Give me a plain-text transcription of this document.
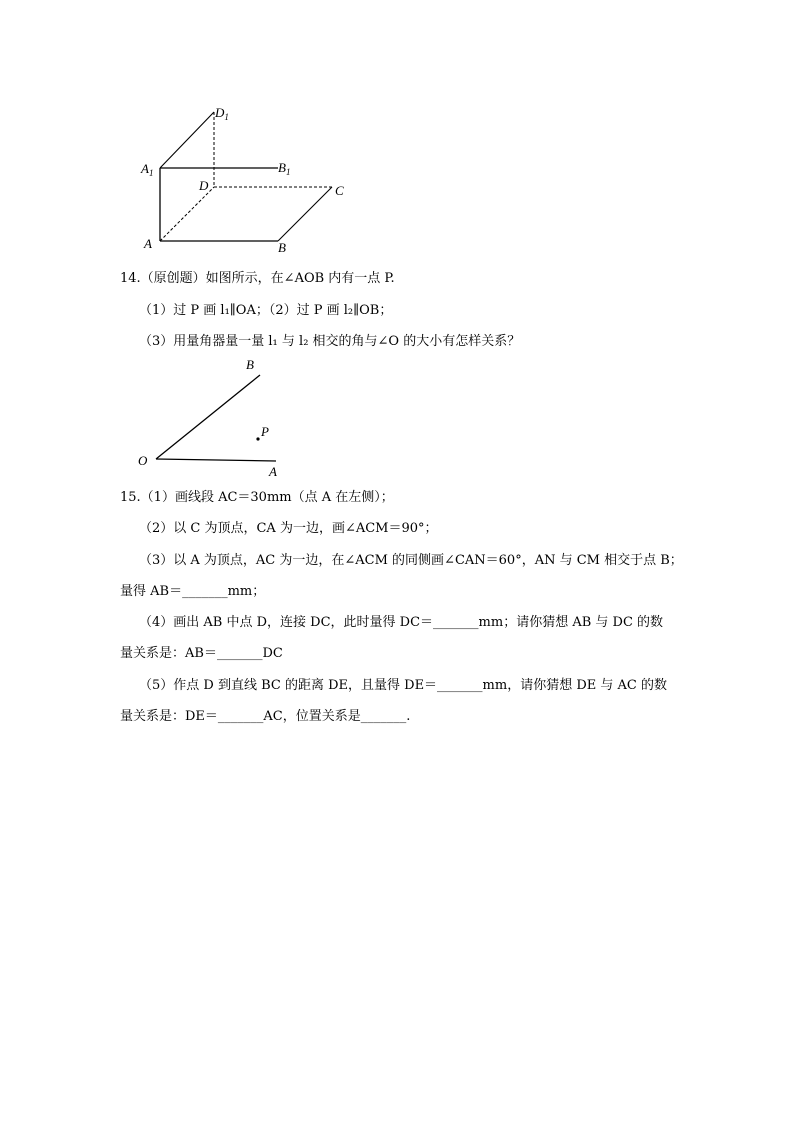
$D_1$
$A_1$	$B_1$
D	C
A	B
14.（原创题）如图所示，在∠AOB 内有一点 P.
（1）过 P 画 l₁∥OA；（2）过 P 画 l₂∥OB；
（3）用量角器量一量 l₁ 与 l₂ 相交的角与∠O 的大小有怎样关系？
B
P
O
A
15.（1）画线段 AC＝30mm（点 A 在左侧）；
（2）以 C 为顶点，CA 为一边，画∠ACM＝90°；
（3）以 A 为顶点，AC 为一边，在∠ACM 的同侧画∠CAN＝60°，AN 与 CM 相交于点 B；
量得 AB＝_______mm；
（4）画出 AB 中点 D，连接 DC，此时量得 DC＝_______mm；请你猜想 AB 与 DC 的数
量关系是：AB＝_______DC
（5）作点 D 到直线 BC 的距离 DE，且量得 DE＝_______mm，请你猜想 DE 与 AC 的数
量关系是：DE＝_______AC，位置关系是_______.
